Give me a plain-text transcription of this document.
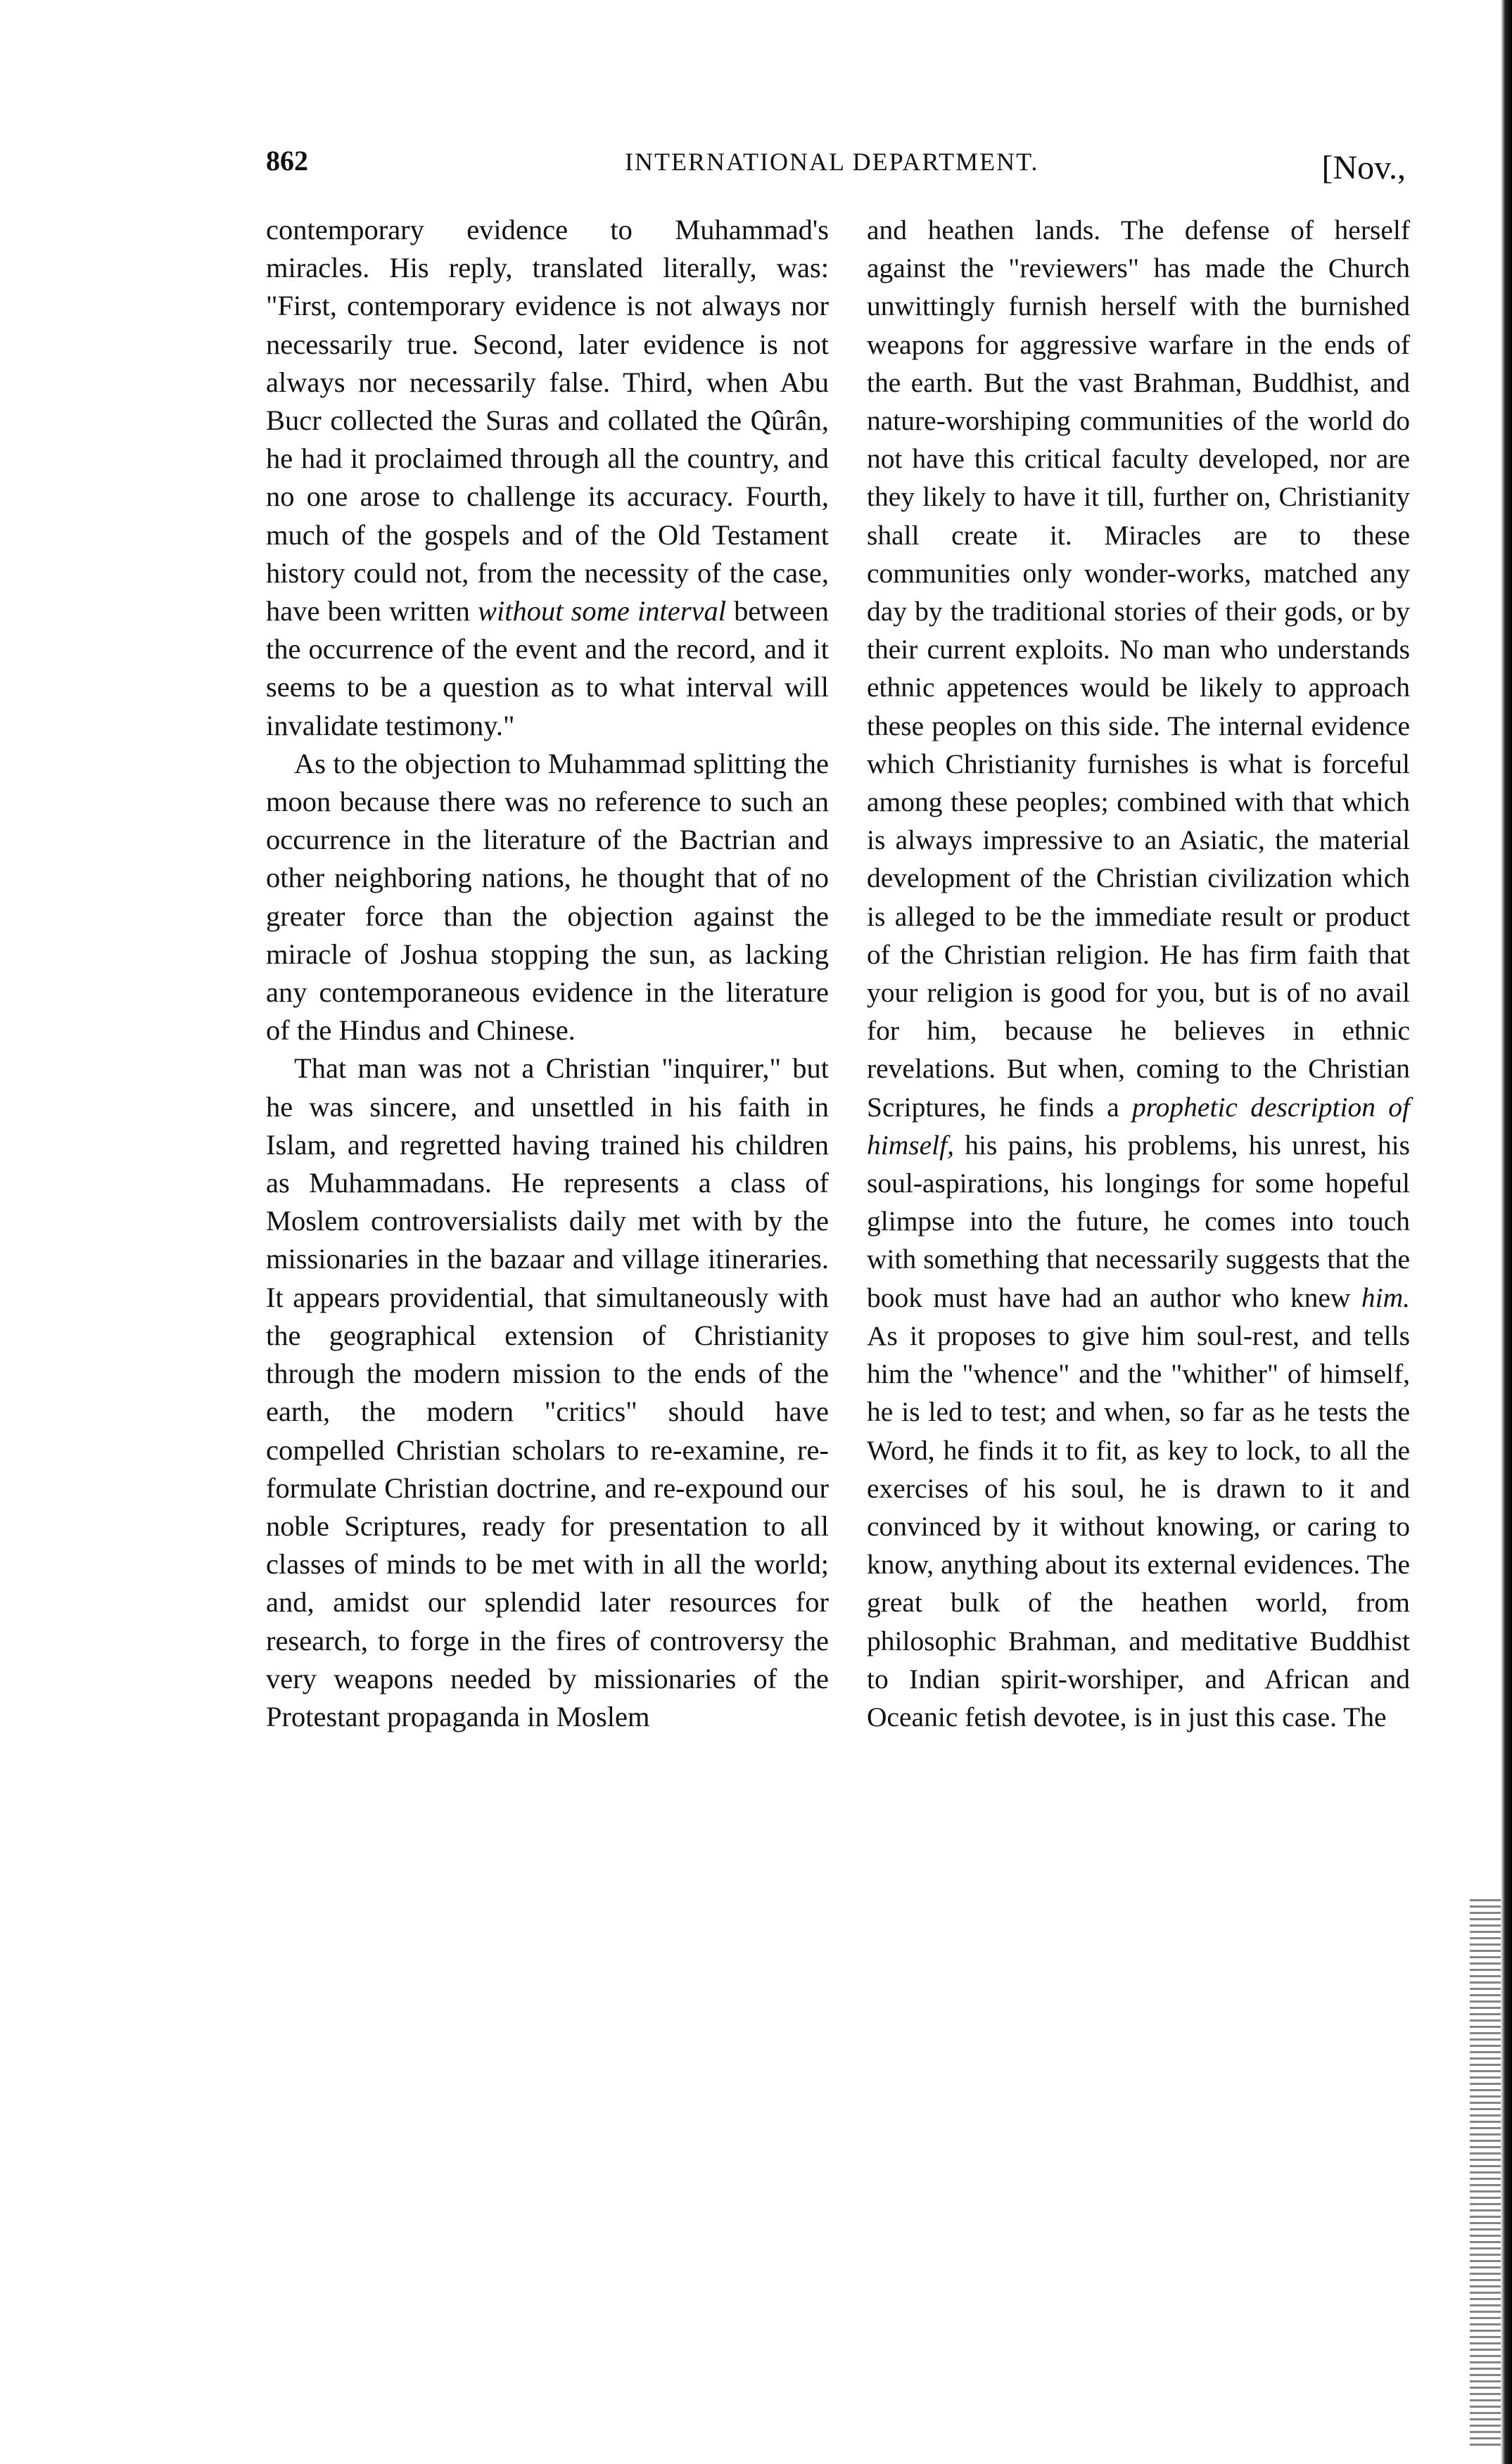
862	INTERNATIONAL DEPARTMENT.	[Nov.,

contemporary evidence to Muhammad's miracles. His reply, translated literally, was: "First, contemporary evidence is not always nor necessarily true. Second, later evidence is not always nor necessarily false. Third, when Abu Bucr collected the Suras and collated the Qûrân, he had it proclaimed through all the country, and no one arose to challenge its accuracy. Fourth, much of the gospels and of the Old Testament history could not, from the necessity of the case, have been written without some interval between the occurrence of the event and the record, and it seems to be a question as to what interval will invalidate testimony."

As to the objection to Muhammad splitting the moon because there was no reference to such an occurrence in the literature of the Bactrian and other neighboring nations, he thought that of no greater force than the objection against the miracle of Joshua stopping the sun, as lacking any contemporaneous evidence in the literature of the Hindus and Chinese.

That man was not a Christian "inquirer," but he was sincere, and unsettled in his faith in Islam, and regretted having trained his children as Muhammadans. He represents a class of Moslem controversialists daily met with by the missionaries in the bazaar and village itineraries. It appears providential, that simultaneously with the geographical extension of Christianity through the modern mission to the ends of the earth, the modern "critics" should have compelled Christian scholars to re-examine, re-formulate Christian doctrine, and re-expound our noble Scriptures, ready for presentation to all classes of minds to be met with in all the world; and, amidst our splendid later resources for research, to forge in the fires of controversy the very weapons needed by missionaries of the Protestant propaganda in Moslem

and heathen lands. The defense of herself against the "reviewers" has made the Church unwittingly furnish herself with the burnished weapons for aggressive warfare in the ends of the earth. But the vast Brahman, Buddhist, and nature-worshiping communities of the world do not have this critical faculty developed, nor are they likely to have it till, further on, Christianity shall create it. Miracles are to these communities only wonder-works, matched any day by the traditional stories of their gods, or by their current exploits. No man who understands ethnic appetences would be likely to approach these peoples on this side. The internal evidence which Christianity furnishes is what is forceful among these peoples; combined with that which is always impressive to an Asiatic, the material development of the Christian civilization which is alleged to be the immediate result or product of the Christian religion. He has firm faith that your religion is good for you, but is of no avail for him, because he believes in ethnic revelations. But when, coming to the Christian Scriptures, he finds a prophetic description of himself, his pains, his problems, his unrest, his soul-aspirations, his longings for some hopeful glimpse into the future, he comes into touch with something that necessarily suggests that the book must have had an author who knew him. As it proposes to give him soul-rest, and tells him the "whence" and the "whither" of himself, he is led to test; and when, so far as he tests the Word, he finds it to fit, as key to lock, to all the exercises of his soul, he is drawn to it and convinced by it without knowing, or caring to know, anything about its external evidences. The great bulk of the heathen world, from philosophic Brahman, and meditative Buddhist to Indian spirit-worshiper, and African and Oceanic fetish devotee, is in just this case. The
